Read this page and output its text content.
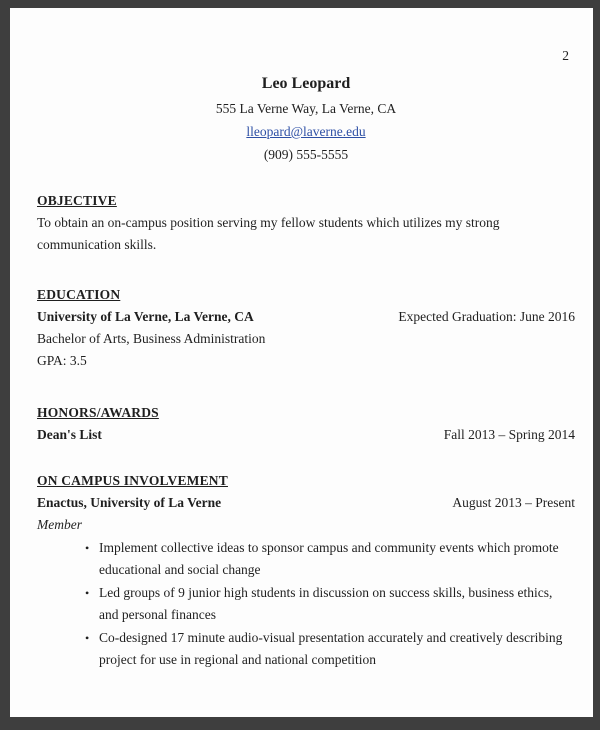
2
Leo Leopard
555 La Verne Way, La Verne, CA
lleopard@laverne.edu
(909) 555-5555
OBJECTIVE
To obtain an on-campus position serving my fellow students which utilizes my strong communication skills.
EDUCATION
University of La Verne, La Verne, CA	Expected Graduation: June 2016
Bachelor of Arts, Business Administration
GPA: 3.5
HONORS/AWARDS
Dean's List	Fall 2013 – Spring 2014
ON CAMPUS INVOLVEMENT
Enactus, University of La Verne	August 2013 – Present
Member
• Implement collective ideas to sponsor campus and community events which promote educational and social change
• Led groups of 9 junior high students in discussion on success skills, business ethics, and personal finances
• Co-designed 17 minute audio-visual presentation accurately and creatively describing project for use in regional and national competition
